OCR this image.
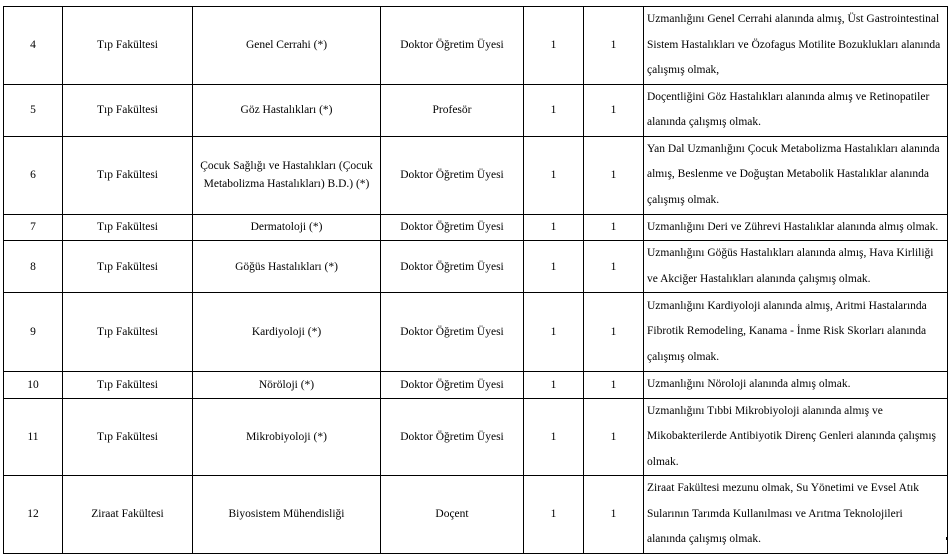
4	Tıp Fakültesi	Genel Cerrahi (*)	Doktor Öğretim Üyesi	1	1	Uzmanlığını Genel Cerrahi alanında almış, Üst Gastrointestinal Sistem Hastalıkları ve Özofagus Motilite Bozuklukları alanında çalışmış olmak,
5	Tıp Fakültesi	Göz Hastalıkları (*)	Profesör	1	1	Doçentliğini Göz Hastalıkları alanında almış ve Retinopatiler alanında çalışmış olmak.
6	Tıp Fakültesi	Çocuk Sağlığı ve Hastalıkları (Çocuk Metabolizma Hastalıkları) B.D.) (*)	Doktor Öğretim Üyesi	1	1	Yan Dal Uzmanlığını Çocuk Metabolizma Hastalıkları alanında almış, Beslenme ve Doğuştan Metabolik Hastalıklar alanında çalışmış olmak.
7	Tıp Fakültesi	Dermatoloji (*)	Doktor Öğretim Üyesi	1	1	Uzmanlığını Deri ve Zührevi Hastalıklar alanında almış olmak.
8	Tıp Fakültesi	Göğüs Hastalıkları (*)	Doktor Öğretim Üyesi	1	1	Uzmanlığını Göğüs Hastalıkları alanında almış, Hava Kirliliği ve Akciğer Hastalıkları alanında çalışmış olmak.
9	Tıp Fakültesi	Kardiyoloji (*)	Doktor Öğretim Üyesi	1	1	Uzmanlığını Kardiyoloji alanında almış, Aritmi Hastalarında Fibrotik Remodeling, Kanama - İnme Risk Skorları alanında çalışmış olmak.
10	Tıp Fakültesi	Nöröloji (*)	Doktor Öğretim Üyesi	1	1	Uzmanlığını Nöroloji alanında almış olmak.
11	Tıp Fakültesi	Mikrobiyoloji (*)	Doktor Öğretim Üyesi	1	1	Uzmanlığını Tıbbi Mikrobiyoloji alanında almış ve Mikobakterilerde Antibiyotik Direnç Genleri alanında çalışmış olmak.
12	Ziraat Fakültesi	Biyosistem Mühendisliği	Doçent	1	1	Ziraat Fakültesi mezunu olmak, Su Yönetimi ve Evsel Atık Sularının Tarımda Kullanılması ve Arıtma Teknolojileri alanında çalışmış olmak.
